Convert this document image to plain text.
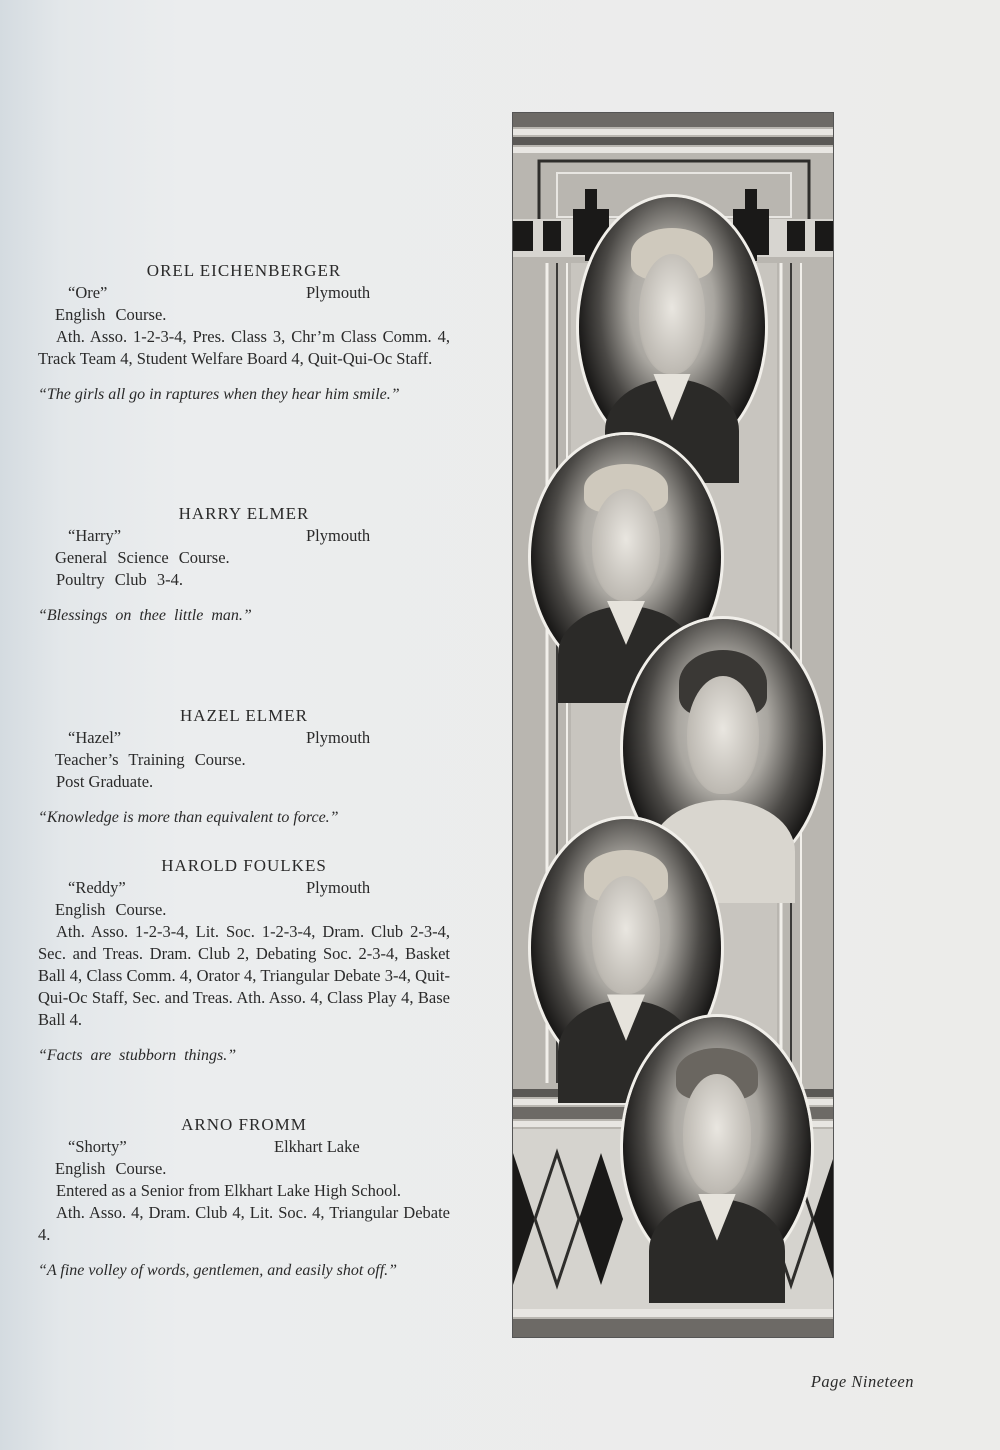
OREL EICHENBERGER
“Ore”	Plymouth
English Course.

Ath. Asso. 1-2-3-4, Pres. Class 3, Chr’m Class Comm. 4, Track Team 4, Student Welfare Board 4, Quit-Qui-Oc Staff.

“The girls all go in raptures when they hear him smile.”
HARRY ELMER
“Harry”	Plymouth
General Science Course.

Poultry Club 3-4.

“Blessings on thee little man.”
HAZEL ELMER
“Hazel”	Plymouth
Teacher’s Training Course.

Post Graduate.

“Knowledge is more than equivalent to force.”
HAROLD FOULKES
“Reddy”	Plymouth
English Course.

Ath. Asso. 1-2-3-4, Lit. Soc. 1-2-3-4, Dram. Club 2-3-4, Sec. and Treas. Dram. Club 2, Debating Soc. 2-3-4, Basket Ball 4, Class Comm. 4, Orator 4, Triangular Debate 3-4, Quit-Qui-Oc Staff, Sec. and Treas. Ath. Asso. 4, Class Play 4, Base Ball 4.

“Facts are stubborn things.”
ARNO FROMM
“Shorty”	Elkhart Lake
English Course.

Entered as a Senior from Elkhart Lake High School.

Ath. Asso. 4, Dram. Club 4, Lit. Soc. 4, Triangular Debate 4.

“A fine volley of words, gentlemen, and easily shot off.”
Page Nineteen
